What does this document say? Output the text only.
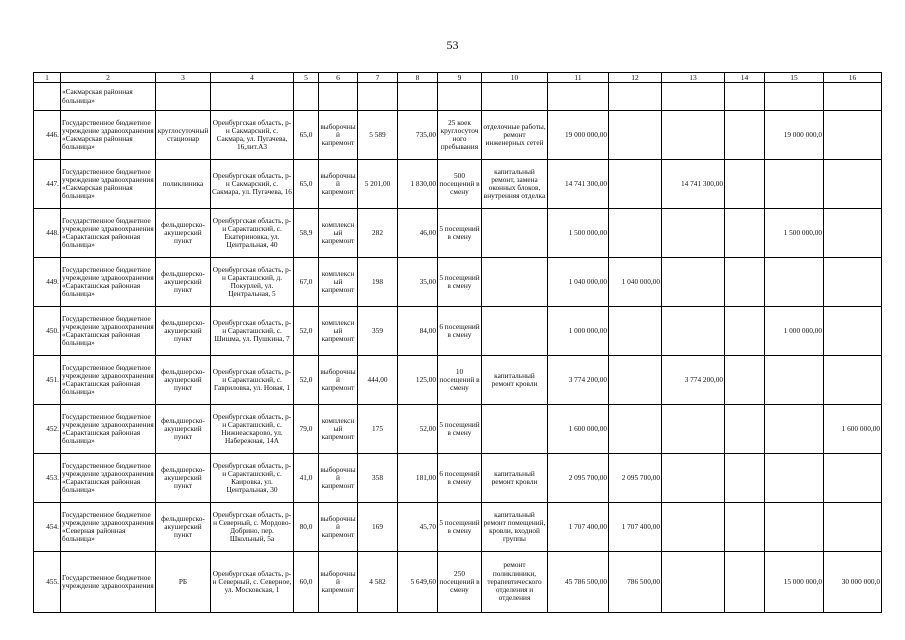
53
1	2	3	4	5	6	7	8	9	10	11	12	13	14	15	16
	«Сакмарская районная больница»														
446.	Государственное бюджетное учреждение здравоохранения «Сакмарская районная больница»	круглосуточный стационар	Оренбургская область, р-н Сакмарский, с. Сакмара, ул. Пугачева, 16,лит.А3	65,0	выборочный капремонт	5 589	735,00	25 коек круглосуточного пребывания	отделочные работы, ремонт инженерных сетей	19 000 000,00				19 000 000,0	
447.	Государственное бюджетное учреждение здравоохранения «Сакмарская районная больница»	поликлиника	Оренбургская область, р-н Сакмарский, с. Сакмара, ул. Пугачева, 16	65,0	выборочный капремонт	5 201,00	1 830,00	500 посещений в смену	капитальный ремонт, замена оконных блоков, внутренняя отделка	14 741 300,00		14 741 300,00			
448.	Государственное бюджетное учреждение здравоохранения «Саракташская районная больница»	фельдшерско-акушерский пункт	Оренбургская область, р-н Саракташский, с. Екатериновка, ул. Центральная, 40	58,9	комплексный капремонт	282	46,00	5 посещений в смену		1 500 000,00				1 500 000,00	
449.	Государственное бюджетное учреждение здравоохранения «Саракташская районная больница»	фельдшерско-акушерский пункт	Оренбургская область, р-н Саракташский, д. Покурлей, ул. Центральная, 5	67,0	комплексный капремонт	198	35,00	5 посещений в смену		1 040 000,00	1 040 000,00				
450.	Государственное бюджетное учреждение здравоохранения «Саракташская районная больница»	фельдшерско-акушерский пункт	Оренбургская область, р-н Саракташский, с. Шишма, ул. Пушкина, 7	52,0	комплексный капремонт	359	84,00	6 посещений в смену		1 000 000,00				1 000 000,00	
451.	Государственное бюджетное учреждение здравоохранения «Саракташская районная больница»	фельдшерско-акушерский пункт	Оренбургская область, р-н Саракташский, с. Гавриловка, ул. Новая, 1	52,0	выборочный капремонт	444,00	125,00	10 посещений в смену	капитальный ремонт кровли	3 774 200,00		3 774 200,00			
452.	Государственное бюджетное учреждение здравоохранения «Саракташская районная больница»	фельдшерско-акушерский пункт	Оренбургская область, р-н Саракташский, с. Нижнеаскарово, ул. Набережная, 14А	79,0	комплексный капремонт	175	52,00	5 посещений в смену		1 600 000,00					1 600 000,00
453.	Государственное бюджетное учреждение здравоохранения «Саракташская районная больница»	фельдшерско-акушерский пункт	Оренбургская область, р-н Саракташский, с. Каировка, ул. Центральная, 30	41,0	выборочный капремонт	358	181,00	6 посещений в смену	капитальный ремонт кровли	2 095 700,00	2 095 700,00				
454.	Государственное бюджетное учреждение здравоохранения «Северная районная больница»	фельдшерско-акушерский пункт	Оренбургская область, р-н Северный, с. Мордово-Добрино, пер. Школьный, 5а	80,0	выборочный капремонт	169	45,70	5 посещений в смену	капитальный ремонт помещений, кровли, входной группы	1 707 400,00	1 707 400,00				
455.	Государственное бюджетное учреждение здравоохранения	РБ	Оренбургская область, р-н Северный, с. Северное, ул. Московская, 1	60,0	выборочный капремонт	4 582	5 649,60	250 посещений в смену	ремонт поликлиники, терапевтического отделения и отделения	45 786 500,00	786 500,00			15 000 000,0	30 000 000,0
